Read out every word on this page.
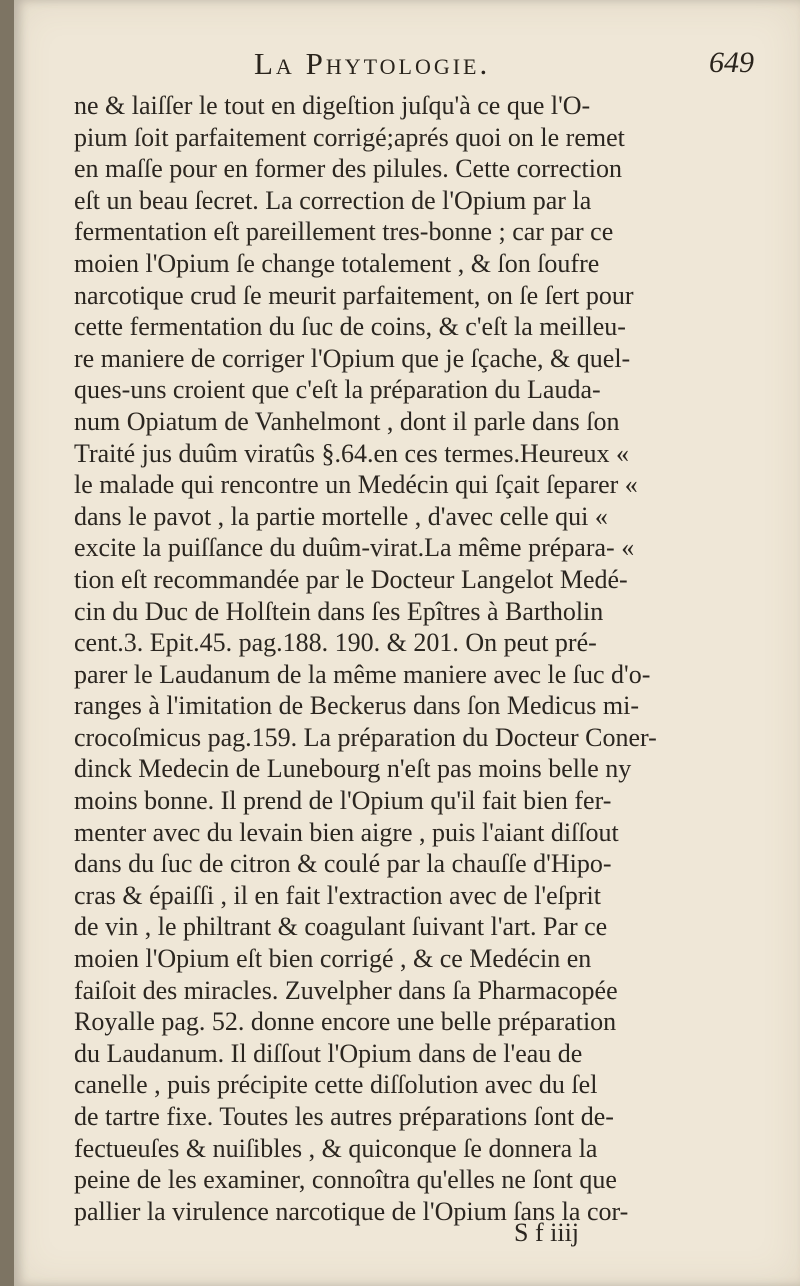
La Phytologie.	649
ne & laiſſer le tout en digeſtion juſqu'à ce que l'O-
pium ſoit parfaitement corrigé;aprés quoi on le remet
en maſſe pour en former des pilules. Cette correction
eſt un beau ſecret. La correction de l'Opium par la
fermentation eſt pareillement tres-bonne ; car par ce
moien l'Opium ſe change totalement , & ſon ſoufre
narcotique crud ſe meurit parfaitement, on ſe ſert pour
cette fermentation du ſuc de coins, & c'eſt la meilleu-
re maniere de corriger l'Opium que je ſçache, & quel-
ques-uns croient que c'eſt la préparation du Lauda-
num Opiatum de Vanhelmont , dont il parle dans ſon
Traité jus duûm viratûs §.64.en ces termes.Heureux «
le malade qui rencontre un Medécin qui ſçait ſeparer «
dans le pavot , la partie mortelle , d'avec celle qui «
excite la puiſſance du duûm-virat.La même prépara- «
tion eſt recommandée par le Docteur Langelot Medé-
cin du Duc de Holſtein dans ſes Epîtres à Bartholin
cent.3. Epit.45. pag.188. 190. & 201. On peut pré-
parer le Laudanum de la même maniere avec le ſuc d'o-
ranges à l'imitation de Beckerus dans ſon Medicus mi-
crocoſmicus pag.159. La préparation du Docteur Coner-
dinck Medecin de Lunebourg n'eſt pas moins belle ny
moins bonne. Il prend de l'Opium qu'il fait bien fer-
menter avec du levain bien aigre , puis l'aiant diſſout
dans du ſuc de citron & coulé par la chauſſe d'Hipo-
cras & épaiſſi , il en fait l'extraction avec de l'eſprit
de vin , le philtrant & coagulant ſuivant l'art. Par ce
moien l'Opium eſt bien corrigé , & ce Medécin en
faiſoit des miracles. Zuvelpher dans ſa Pharmacopée
Royalle pag. 52. donne encore une belle préparation
du Laudanum. Il diſſout l'Opium dans de l'eau de
canelle , puis précipite cette diſſolution avec du ſel
de tartre fixe. Toutes les autres préparations ſont de-
fectueuſes & nuiſibles , & quiconque ſe donnera la
peine de les examiner, connoîtra qu'elles ne ſont que
pallier la virulence narcotique de l'Opium ſans la cor-
S f iiij
